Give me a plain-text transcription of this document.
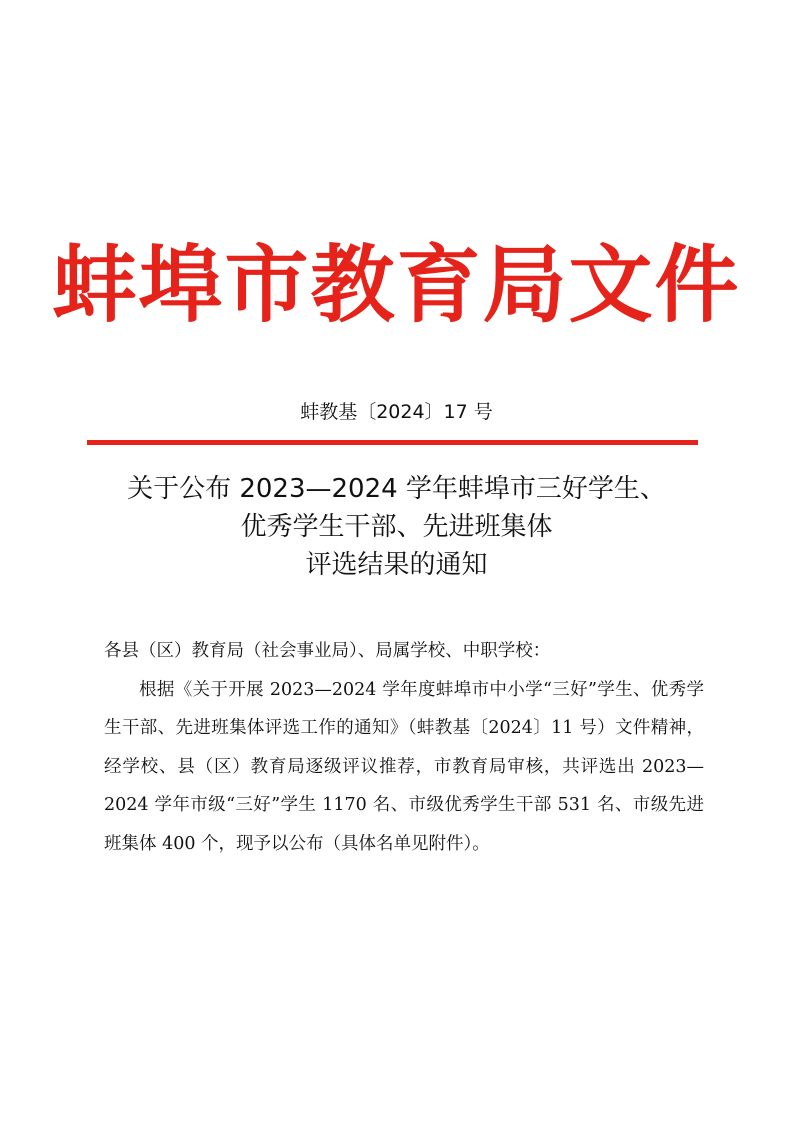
蚌埠市教育局文件
蚌教基〔2024〕17 号
关于公布 2023—2024 学年蚌埠市三好学生、
优秀学生干部、先进班集体
评选结果的通知
各县（区）教育局（社会事业局）、局属学校、中职学校：

根据《关于开展 2023—2024 学年度蚌埠市中小学“三好”学生、优秀学生干部、先进班集体评选工作的通知》（蚌教基〔2024〕11 号）文件精神，经学校、县（区）教育局逐级评议推荐，市教育局审核，共评选出 2023—2024 学年市级“三好”学生 1170 名、市级优秀学生干部 531 名、市级先进班集体 400 个，现予以公布（具体名单见附件）。
